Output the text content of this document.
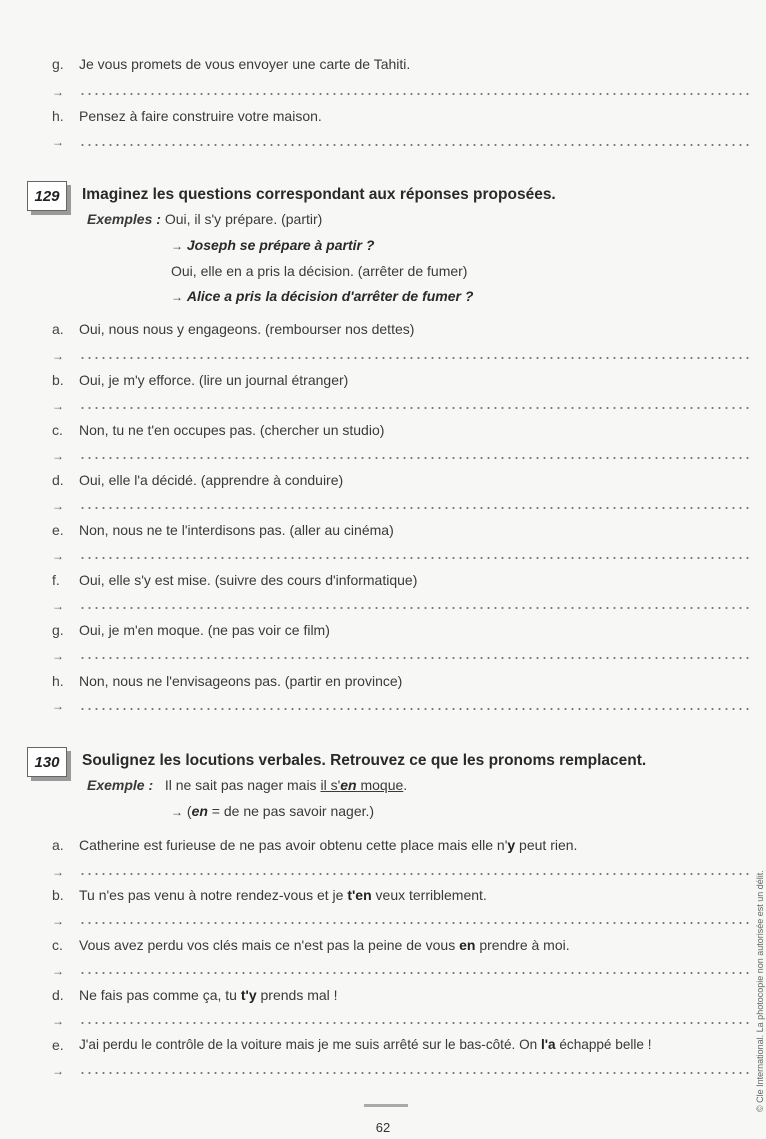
g. Je vous promets de vous envoyer une carte de Tahiti.
→
h. Pensez à faire construire votre maison.
→
129	Imaginez les questions correspondant aux réponses proposées.
Exemples : Oui, il s'y prépare. (partir)
→ Joseph se prépare à partir ?
Oui, elle en a pris la décision. (arrêter de fumer)
→ Alice a pris la décision d'arrêter de fumer ?
a. Oui, nous nous y engageons. (rembourser nos dettes)
→
b. Oui, je m'y efforce. (lire un journal étranger)
→
c. Non, tu ne t'en occupes pas. (chercher un studio)
→
d. Oui, elle l'a décidé. (apprendre à conduire)
→
e. Non, nous ne te l'interdisons pas. (aller au cinéma)
→
f. Oui, elle s'y est mise. (suivre des cours d'informatique)
→
g. Oui, je m'en moque. (ne pas voir ce film)
→
h. Non, nous ne l'envisageons pas. (partir en province)
→
130	Soulignez les locutions verbales. Retrouvez ce que les pronoms remplacent.
Exemple : Il ne sait pas nager mais il s'en moque.
→ (en = de ne pas savoir nager.)
a. Catherine est furieuse de ne pas avoir obtenu cette place mais elle n'y peut rien.
→
b. Tu n'es pas venu à notre rendez-vous et je t'en veux terriblement.
→
c. Vous avez perdu vos clés mais ce n'est pas la peine de vous en prendre à moi.
→
d. Ne fais pas comme ça, tu t'y prends mal !
→
e. J'ai perdu le contrôle de la voiture mais je me suis arrêté sur le bas-côté. On l'a échappé belle !
→	© Cle International. La photocopie non autorisée est un délit.
62
